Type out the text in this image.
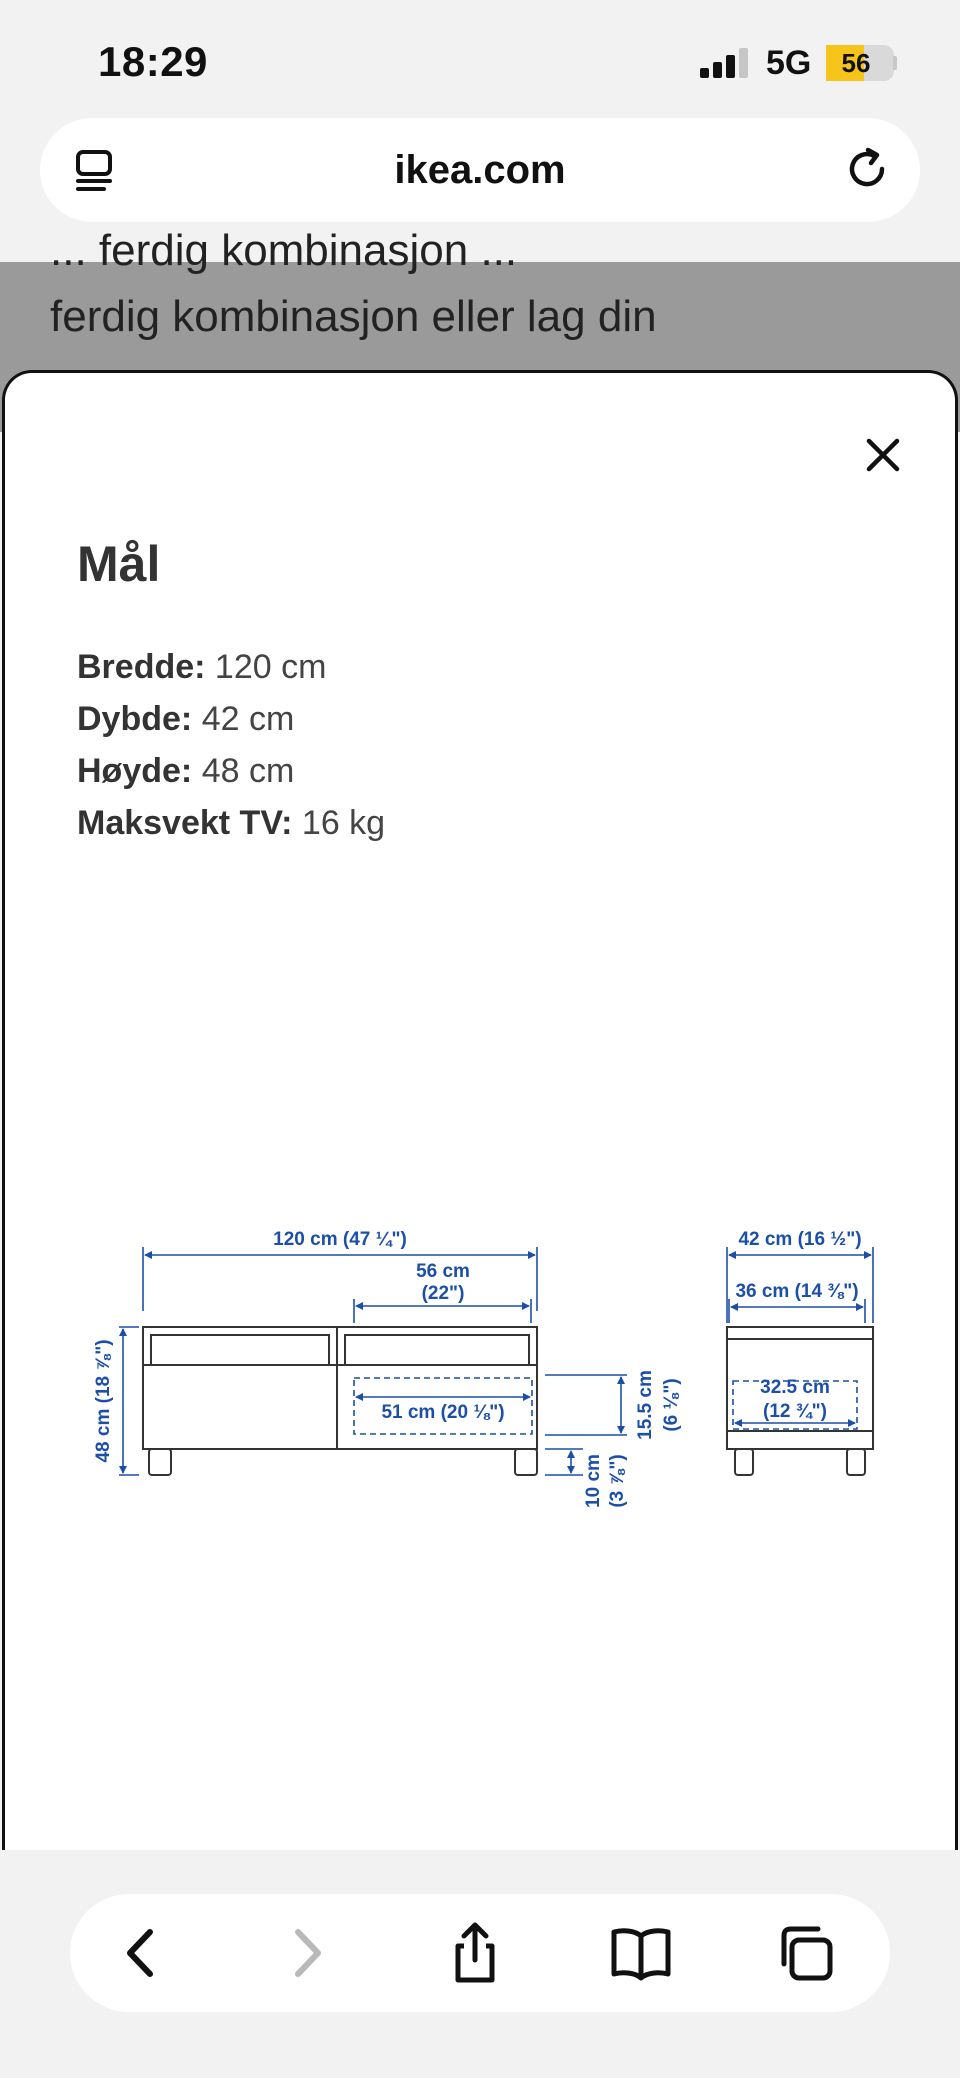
18:29	5G	56
ikea.com
... ferdig kombinasjon ...
ferdig kombinasjon eller lag din
Mål
Bredde: 120 cm
Dybde: 42 cm
Høyde: 48 cm
Maksvekt TV: 16 kg
120 cm (47 ¼")
56 cm
(22")
51 cm (20 ⅛")
48 cm (18 ⅞")	15.5 cm (6 ⅛")
10 cm (3 ⅞")
42 cm (16 ½")
36 cm (14 ⅜")
32.5 cm
(12 ¾")
